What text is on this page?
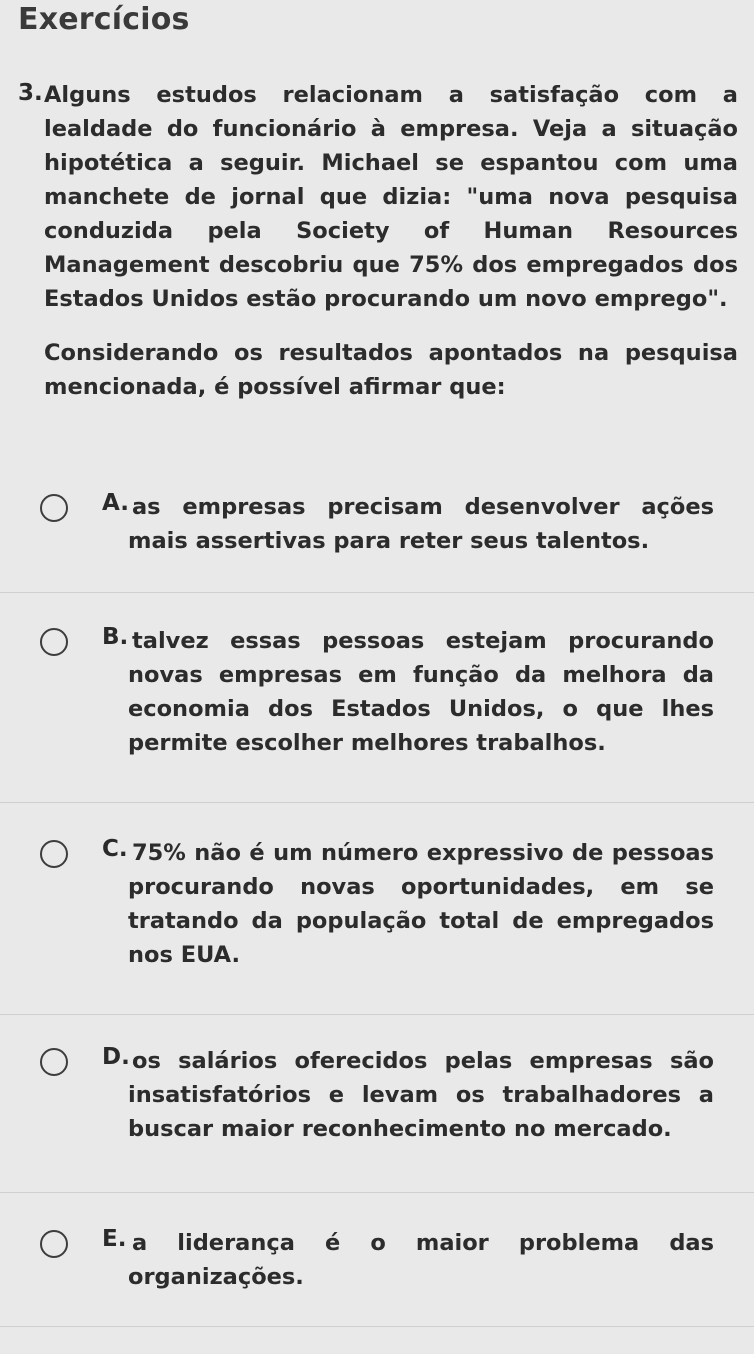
Exercícios
3. Alguns estudos relacionam a satisfação com a lealdade do funcionário à empresa. Veja a situação hipotética a seguir. Michael se espantou com uma manchete de jornal que dizia: "uma nova pesquisa conduzida pela Society of Human Resources Management descobriu que 75% dos empregados dos Estados Unidos estão procurando um novo emprego".

Considerando os resultados apontados na pesquisa mencionada, é possível afirmar que:

A. as empresas precisam desenvolver ações mais assertivas para reter seus talentos.
B. talvez essas pessoas estejam procurando novas empresas em função da melhora da economia dos Estados Unidos, o que lhes permite escolher melhores trabalhos.
C. 75% não é um número expressivo de pessoas procurando novas oportunidades, em se tratando da população total de empregados nos EUA.
D. os salários oferecidos pelas empresas são insatisfatórios e levam os trabalhadores a buscar maior reconhecimento no mercado.
E. a liderança é o maior problema das organizações.
